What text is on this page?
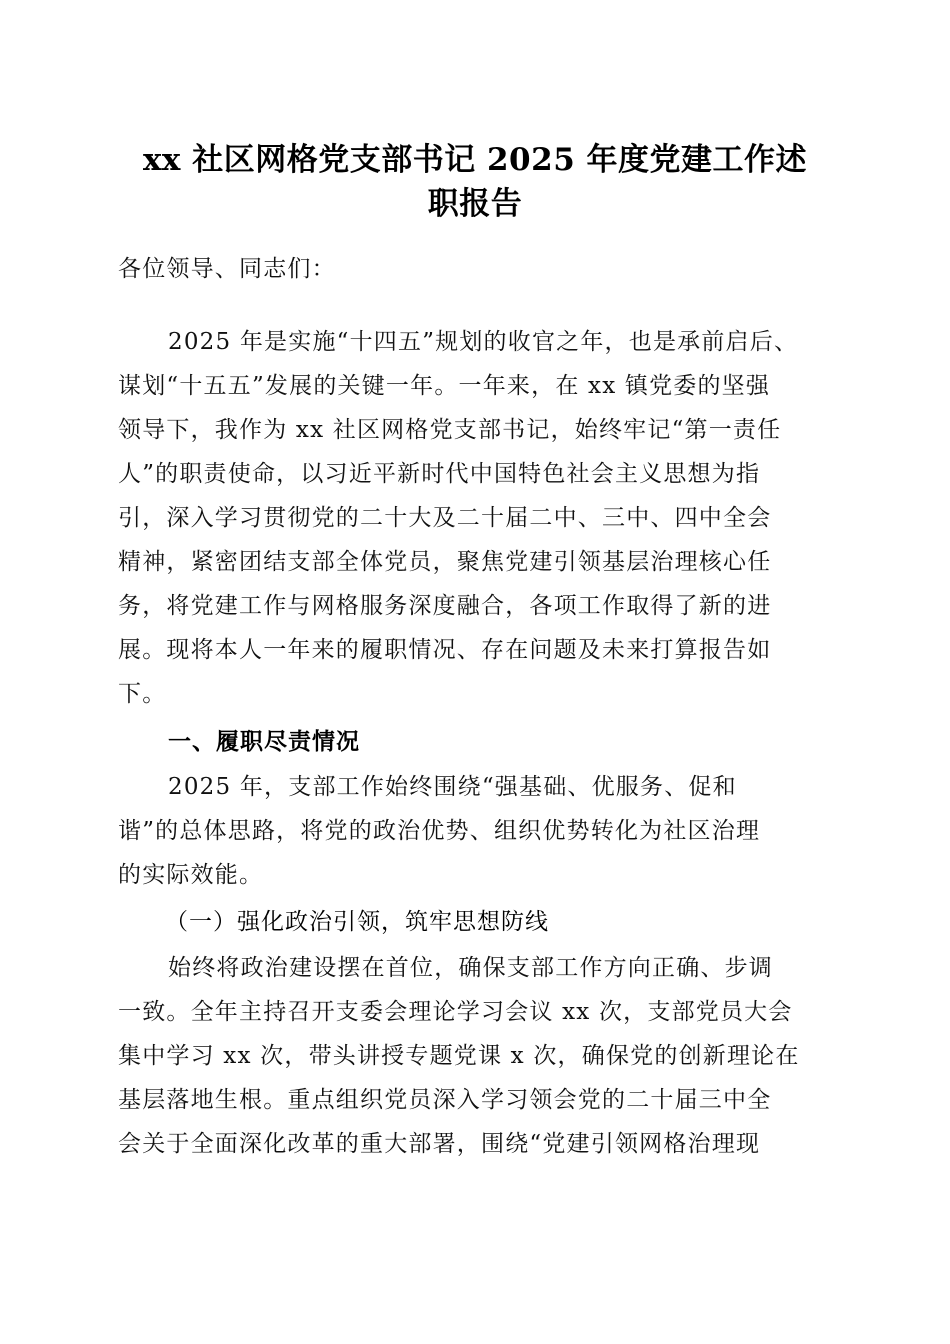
xx 社区网格党支部书记 2025 年度党建工作述
职报告
各位领导、同志们：
2025 年是实施“十四五”规划的收官之年，也是承前启后、
谋划“十五五”发展的关键一年。一年来，在 xx 镇党委的坚强
领导下，我作为 xx 社区网格党支部书记，始终牢记“第一责任
人”的职责使命，以习近平新时代中国特色社会主义思想为指
引，深入学习贯彻党的二十大及二十届二中、三中、四中全会
精神，紧密团结支部全体党员，聚焦党建引领基层治理核心任
务，将党建工作与网格服务深度融合，各项工作取得了新的进
展。现将本人一年来的履职情况、存在问题及未来打算报告如
下。
一、履职尽责情况
2025 年，支部工作始终围绕“强基础、优服务、促和
谐”的总体思路，将党的政治优势、组织优势转化为社区治理
的实际效能。
（一）强化政治引领，筑牢思想防线
始终将政治建设摆在首位，确保支部工作方向正确、步调
一致。全年主持召开支委会理论学习会议 xx 次，支部党员大会
集中学习 xx 次，带头讲授专题党课 x 次，确保党的创新理论在
基层落地生根。重点组织党员深入学习领会党的二十届三中全
会关于全面深化改革的重大部署，围绕“党建引领网格治理现
